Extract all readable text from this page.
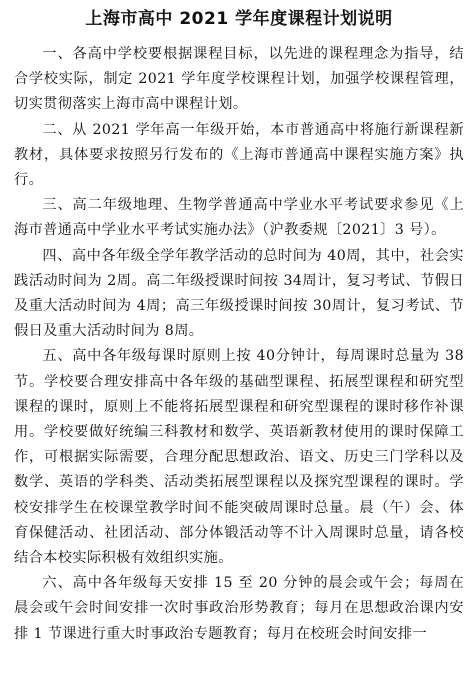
上海市高中 2021 学年度课程计划说明

一、各高中学校要根据课程目标，以先进的课程理念为指导，结合学校实际，制定 2021 学年度学校课程计划，加强学校课程管理，切实贯彻落实上海市高中课程计划。

二、从 2021 学年高一年级开始，本市普通高中将施行新课程新教材，具体要求按照另行发布的《上海市普通高中课程实施方案》执行。

三、高二年级地理、生物学普通高中学业水平考试要求参见《上海市普通高中学业水平考试实施办法》（沪教委规〔2021〕3 号）。

四、高中各年级全学年教学活动的总时间为 40周，其中，社会实践活动时间为 2周。高二年级授课时间按 34周计，复习考试、节假日及重大活动时间为 4周；高三年级授课时间按 30周计，复习考试、节假日及重大活动时间为 8周。

五、高中各年级每课时原则上按 40分钟计，每周课时总量为 38节。学校要合理安排高中各年级的基础型课程、拓展型课程和研究型课程的课时，原则上不能将拓展型课程和研究型课程的课时移作补课用。学校要做好统编三科教材和数学、英语新教材使用的课时保障工作，可根据实际需要，合理分配思想政治、语文、历史三门学科以及数学、英语的学科类、活动类拓展型课程以及探究型课程的课时。学校安排学生在校课堂教学时间不能突破周课时总量。晨（午）会、体育保健活动、社团活动、部分体锻活动等不计入周课时总量，请各校结合本校实际积极有效组织实施。

六、高中各年级每天安排 15 至 20 分钟的晨会或午会；每周在晨会或午会时间安排一次时事政治形势教育；每月在思想政治课内安排 1 节课进行重大时事政治专题教育；每月在校班会时间安排一
